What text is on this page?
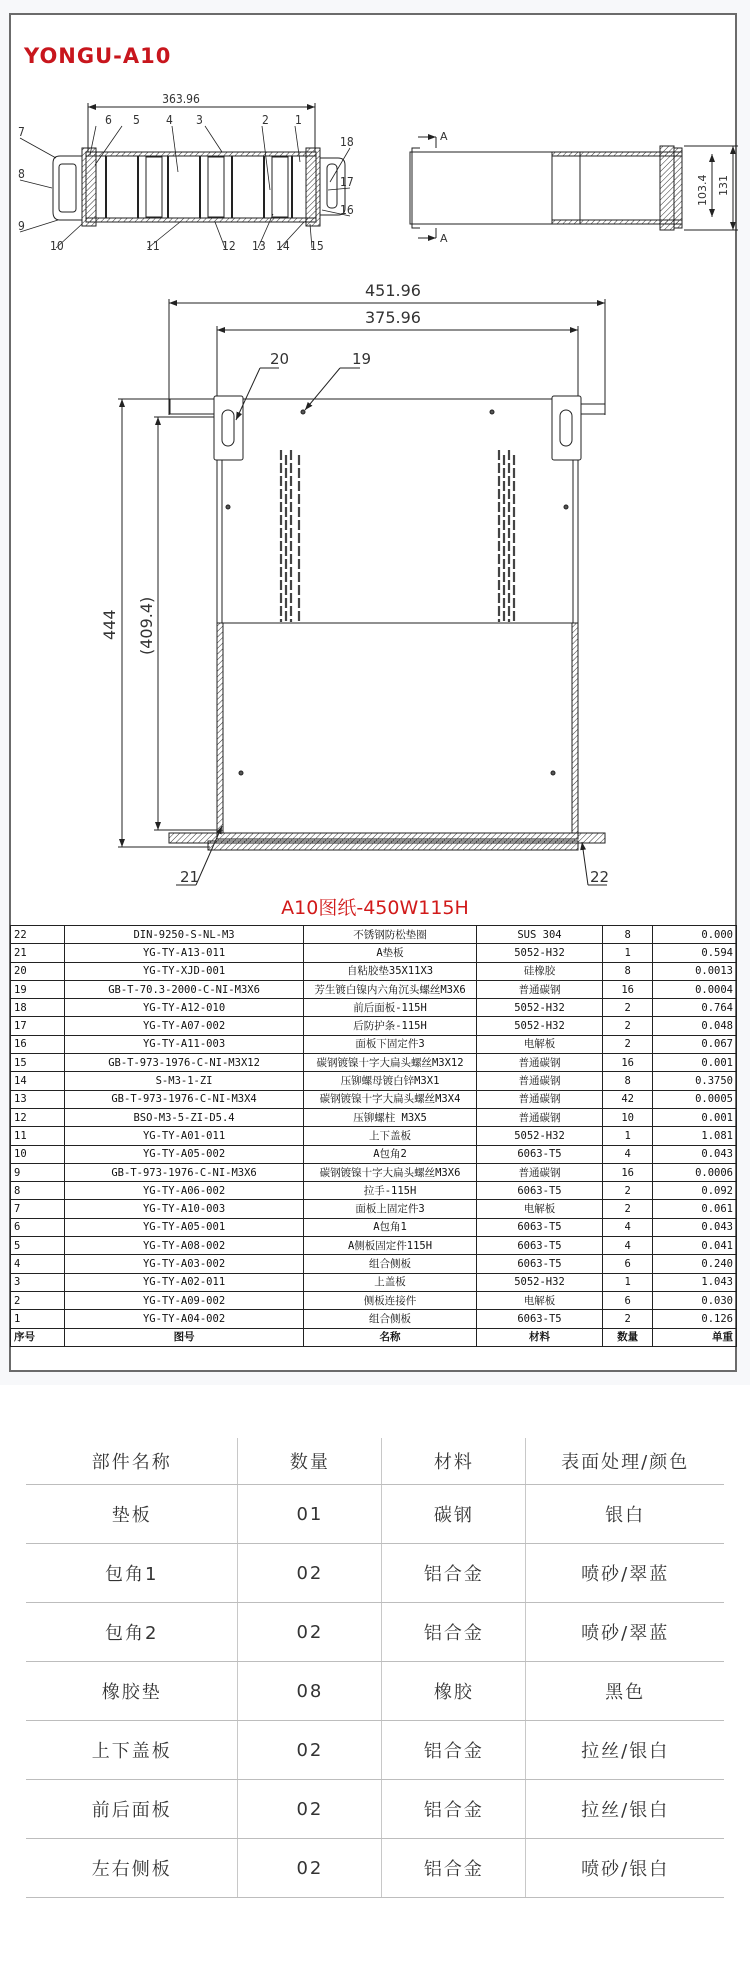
YONGU-A10
363.96
1
2
3
4
5
6
7
8
9
10	11	12 13 14 15
16
17
18	A
A
103.4 131
451.96
375.96
20	19
21	22
444 (409.4)
A10图纸-450W115H
22	DIN-9250-S-NL-M3	不锈钢防松垫圈	SUS 304	8	0.000
21	YG-TY-A13-011	A垫板	5052-H32	1	0.594
20	YG-TY-XJD-001	自粘胶垫35X11X3	硅橡胶	8	0.0013
19	GB-T-70.3-2000-C-NI-M3X6	芳生镀白镍内六角沉头螺丝M3X6	普通碳钢	16	0.0004
18	YG-TY-A12-010	前后面板-115H	5052-H32	2	0.764
17	YG-TY-A07-002	后防护条-115H	5052-H32	2	0.048
16	YG-TY-A11-003	面板下固定件3	电解板	2	0.067
15	GB-T-973-1976-C-NI-M3X12	碳钢镀镍十字大扁头螺丝M3X12	普通碳钢	16	0.001
14	S-M3-1-ZI	压铆螺母镀白锌M3X1	普通碳钢	8	0.3750
13	GB-T-973-1976-C-NI-M3X4	碳钢镀镍十字大扁头螺丝M3X4	普通碳钢	42	0.0005
12	BSO-M3-5-ZI-D5.4	压铆螺柱 M3X5	普通碳钢	10	0.001
11	YG-TY-A01-011	上下盖板	5052-H32	1	1.081
10	YG-TY-A05-002	A包角2	6063-T5	4	0.043
9	GB-T-973-1976-C-NI-M3X6	碳钢镀镍十字大扁头螺丝M3X6	普通碳钢	16	0.0006
8	YG-TY-A06-002	拉手-115H	6063-T5	2	0.092
7	YG-TY-A10-003	面板上固定件3	电解板	2	0.061
6	YG-TY-A05-001	A包角1	6063-T5	4	0.043
5	YG-TY-A08-002	A侧板固定件115H	6063-T5	4	0.041
4	YG-TY-A03-002	组合侧板	6063-T5	6	0.240
3	YG-TY-A02-011	上盖板	5052-H32	1	1.043
2	YG-TY-A09-002	侧板连接件	电解板	6	0.030
1	YG-TY-A04-002	组合侧板	6063-T5	2	0.126
序号	图号	名称	材料	数量	单重
部件名称	数量	材料	表面处理/颜色
垫板	01	碳钢	银白
包角1	02	铝合金	喷砂/翠蓝
包角2	02	铝合金	喷砂/翠蓝
橡胶垫	08	橡胶	黑色
上下盖板	02	铝合金	拉丝/银白
前后面板	02	铝合金	拉丝/银白
左右侧板	02	铝合金	喷砂/银白
